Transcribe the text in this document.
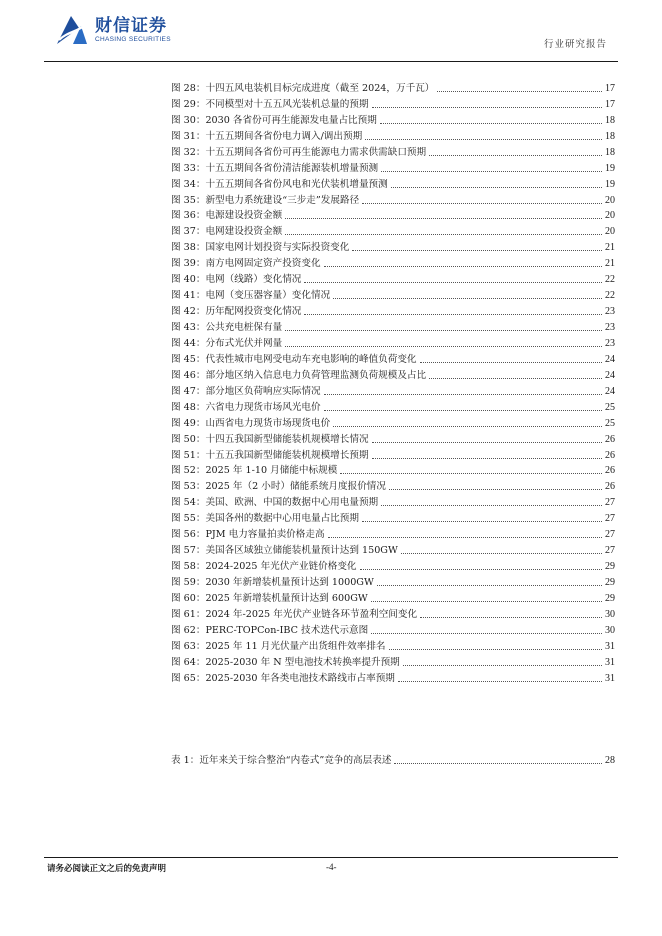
财信证券
CHASING SECURITIES	行业研究报告
图 28：十四五风电装机目标完成进度（截至 2024，万千瓦）	17
图 29：不同模型对十五五风光装机总量的预期	17
图 30：2030 各省份可再生能源发电量占比预期	18
图 31：十五五期间各省份电力调入/调出预期	18
图 32：十五五期间各省份可再生能源电力需求供需缺口预期	18
图 33：十五五期间各省份清洁能源装机增量预测	19
图 34：十五五期间各省份风电和光伏装机增量预测	19
图 35：新型电力系统建设“三步走”发展路径	20
图 36：电源建设投资金额	20
图 37：电网建设投资金额	20
图 38：国家电网计划投资与实际投资变化	21
图 39：南方电网固定资产投资变化	21
图 40：电网（线路）变化情况	22
图 41：电网（变压器容量）变化情况	22
图 42：历年配网投资变化情况	23
图 43：公共充电桩保有量	23
图 44：分布式光伏并网量	23
图 45：代表性城市电网受电动车充电影响的峰值负荷变化	24
图 46：部分地区纳入信息电力负荷管理监测负荷规模及占比	24
图 47：部分地区负荷响应实际情况	24
图 48：六省电力现货市场风光电价	25
图 49：山西省电力现货市场现货电价	25
图 50：十四五我国新型储能装机规模增长情况	26
图 51：十五五我国新型储能装机规模增长预期	26
图 52：2025 年 1-10 月储能中标规模	26
图 53：2025 年（2 小时）储能系统月度报价情况	26
图 54：美国、欧洲、中国的数据中心用电量预期	27
图 55：美国各州的数据中心用电量占比预期	27
图 56：PJM 电力容量拍卖价格走高	27
图 57：美国各区域独立储能装机量预计达到 150GW	27
图 58：2024-2025 年光伏产业链价格变化	29
图 59：2030 年新增装机量预计达到 1000GW	29
图 60：2025 年新增装机量预计达到 600GW	29
图 61：2024 年-2025 年光伏产业链各环节盈利空间变化	30
图 62：PERC-TOPCon-IBC 技术迭代示意图	30
图 63：2025 年 11 月光伏量产出货组件效率排名	31
图 64：2025-2030 年 N 型电池技术转换率提升预期	31
图 65：2025-2030 年各类电池技术路线市占率预期	31
表 1：近年来关于综合整治“内卷式”竞争的高层表述	28
请务必阅读正文之后的免责声明	-4-
